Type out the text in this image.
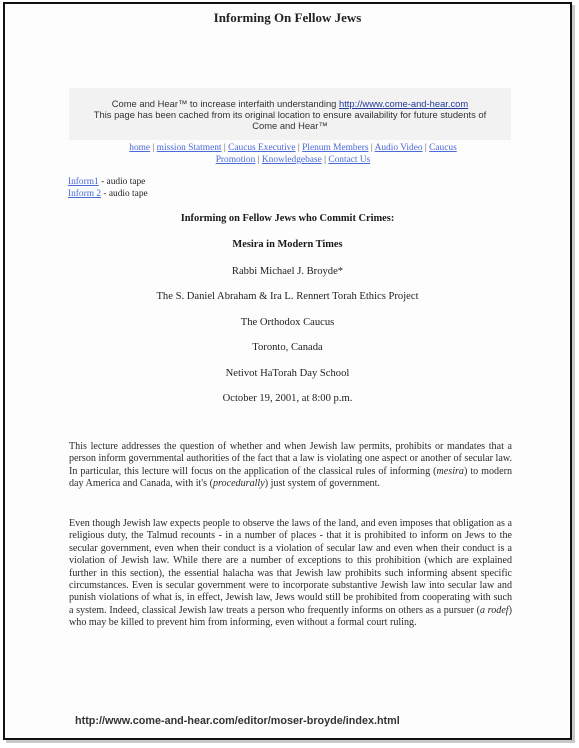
Informing On Fellow Jews
Come and Hear™ to increase interfaith understanding http://www.come-and-hear.com
This page has been cached from its original location to ensure availability for future students of
Come and Hear™
home | mission Statment | Caucus Executive | Plenum Members | Audio Video | Caucus Promotion | Knowledgebase | Contact Us
Inform1 - audio tape
Inform 2 - audio tape
Informing on Fellow Jews who Commit Crimes:
Mesira in Modern Times
Rabbi Michael J. Broyde*
The S. Daniel Abraham & Ira L. Rennert Torah Ethics Project
The Orthodox Caucus
Toronto, Canada
Netivot HaTorah Day School
October 19, 2001, at 8:00 p.m.
This lecture addresses the question of whether and when Jewish law permits, prohibits or mandates that a person inform governmental authorities of the fact that a law is violating one aspect or another of secular law. In particular, this lecture will focus on the application of the classical rules of informing (mesira) to modern day America and Canada, with it's (procedurally) just system of government.
Even though Jewish law expects people to observe the laws of the land, and even imposes that obligation as a religious duty, the Talmud recounts - in a number of places - that it is prohibited to inform on Jews to the secular government, even when their conduct is a violation of secular law and even when their conduct is a violation of Jewish law. While there are a number of exceptions to this prohibition (which are explained further in this section), the essential halacha was that Jewish law prohibits such informing absent specific circumstances. Even is secular government were to incorporate substantive Jewish law into secular law and punish violations of what is, in effect, Jewish law, Jews would still be prohibited from cooperating with such a system. Indeed, classical Jewish law treats a person who frequently informs on others as a pursuer (a rodef) who may be killed to prevent him from informing, even without a formal court ruling.
http://www.come-and-hear.com/editor/moser-broyde/index.html
